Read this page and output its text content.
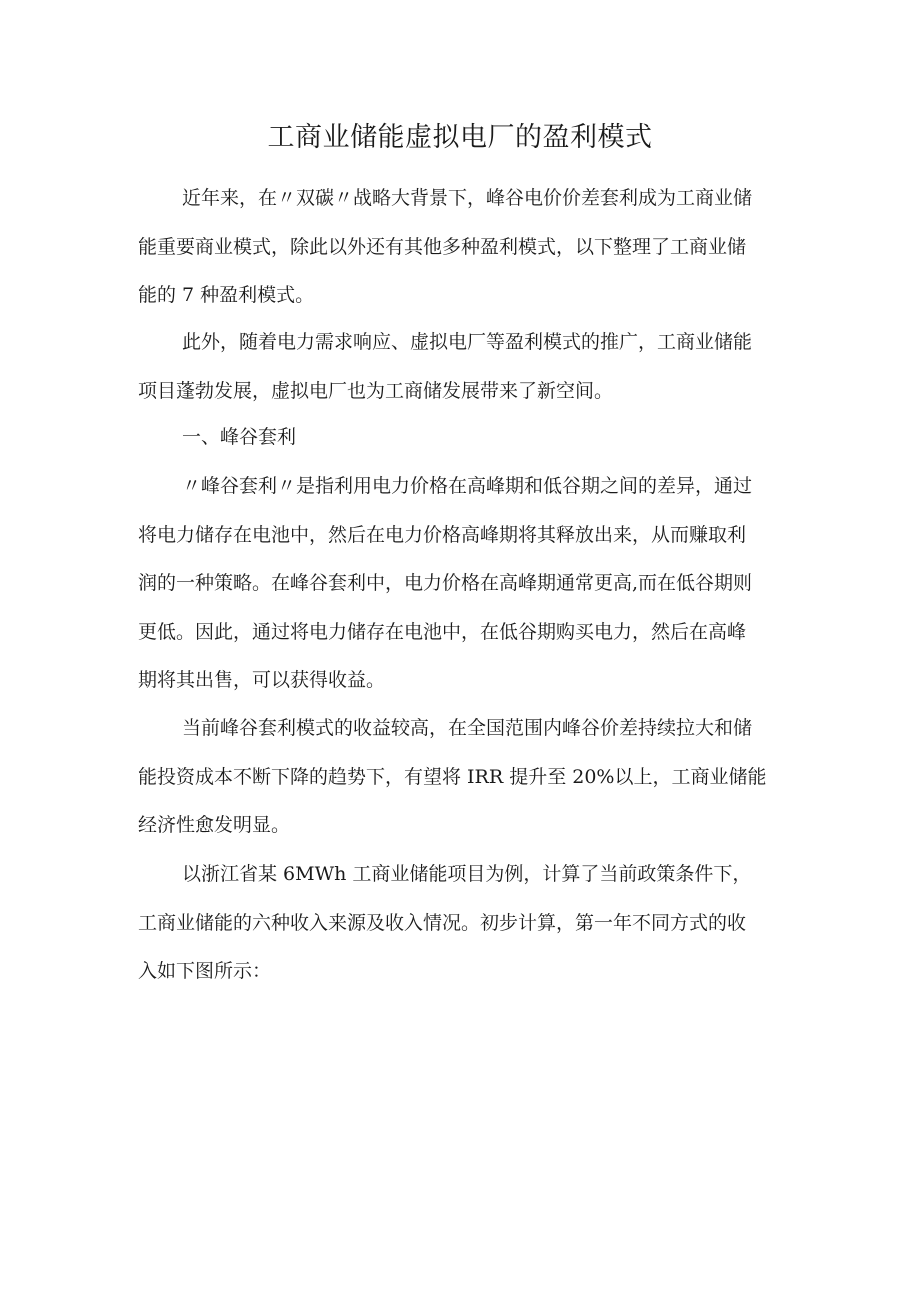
工商业储能虚拟电厂的盈利模式

近年来，在〃双碳〃战略大背景下，峰谷电价价差套利成为工商业储
能重要商业模式，除此以外还有其他多种盈利模式，以下整理了工商业储
能的 7 种盈利模式。

此外，随着电力需求响应、虚拟电厂等盈利模式的推广，工商业储能
项目蓬勃发展，虚拟电厂也为工商储发展带来了新空间。

一、峰谷套利

〃峰谷套利〃是指利用电力价格在高峰期和低谷期之间的差异，通过
将电力储存在电池中，然后在电力价格高峰期将其释放出来，从而赚取利
润的一种策略。在峰谷套利中，电力价格在高峰期通常更高,而在低谷期则
更低。因此，通过将电力储存在电池中，在低谷期购买电力，然后在高峰
期将其出售，可以获得收益。

当前峰谷套利模式的收益较高，在全国范围内峰谷价差持续拉大和储
能投资成本不断下降的趋势下，有望将 IRR 提升至 20%以上，工商业储能
经济性愈发明显。

以浙江省某 6MWh 工商业储能项目为例，计算了当前政策条件下，
工商业储能的六种收入来源及收入情况。初步计算，第一年不同方式的收
入如下图所示：
